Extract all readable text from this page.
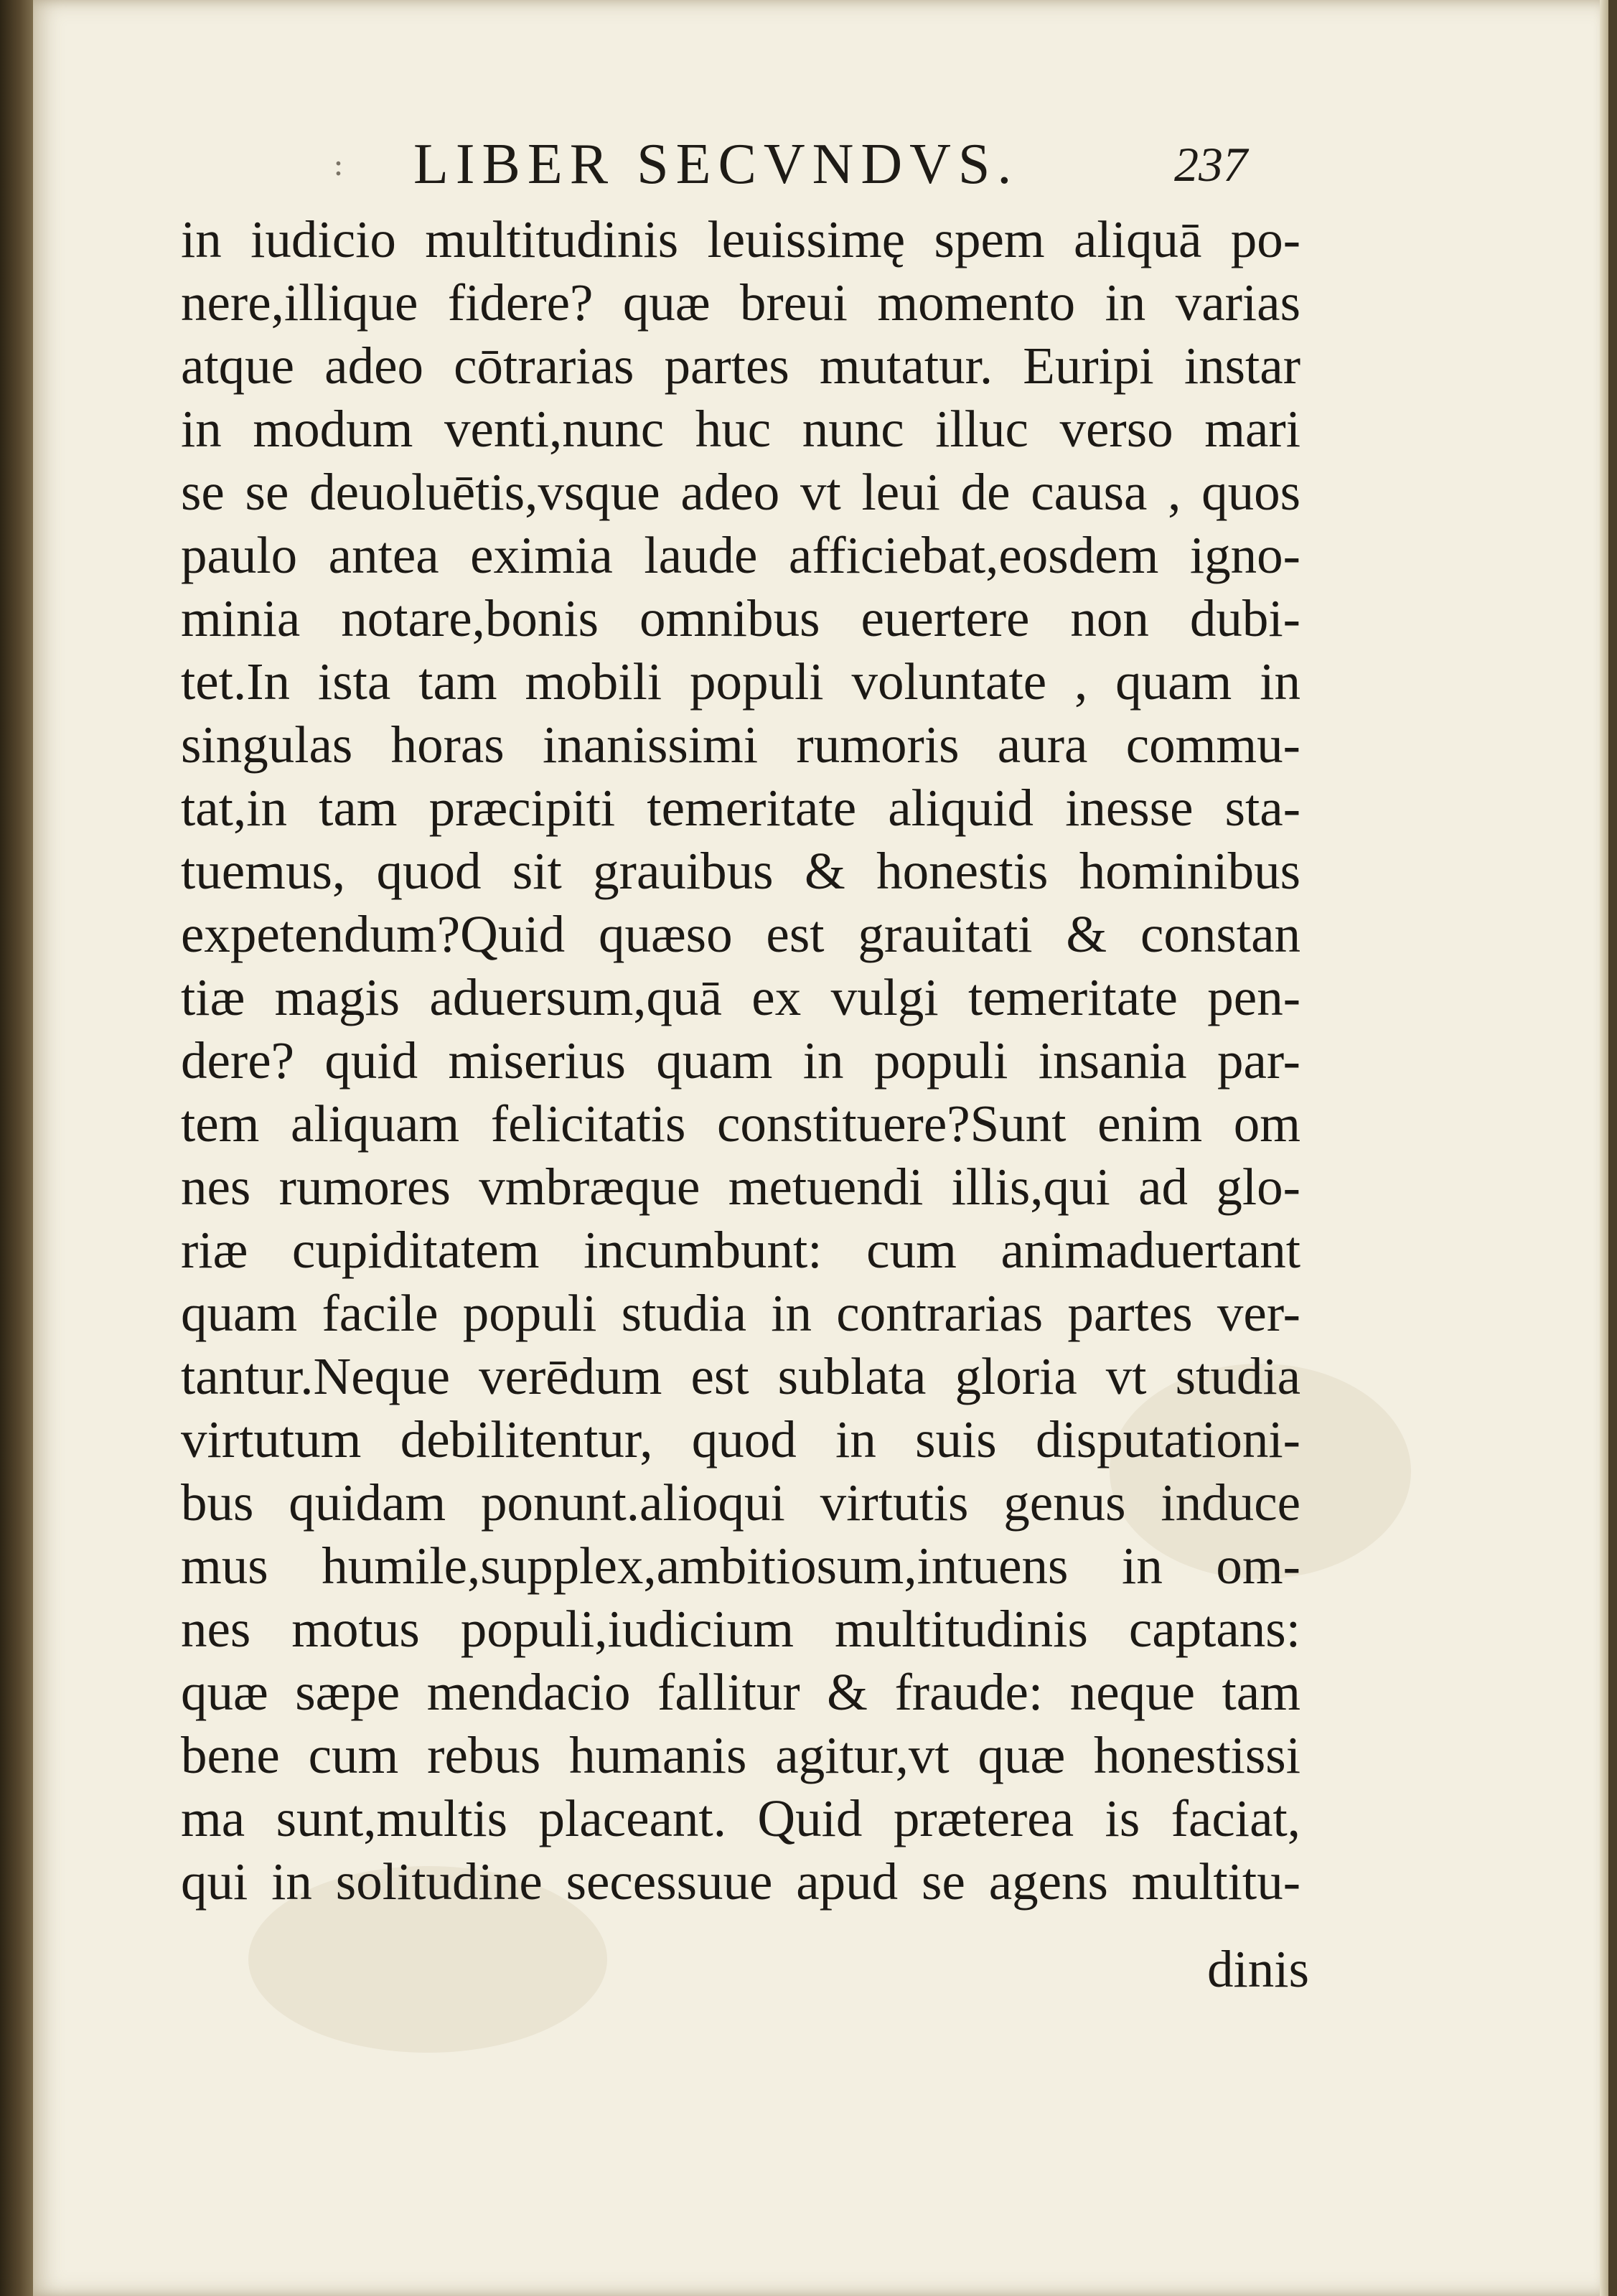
: LIBER SECVNDVS.	237
in iudicio multitudinis leuissimę spem aliquā po-
nere,illique fidere? quæ breui momento in varias
atque adeo cōtrarias partes mutatur. Euripi instar
in modum venti,nunc huc nunc illuc verso mari
se se deuoluētis,vsque adeo vt leui de causa , quos
paulo antea eximia laude afficiebat,eosdem igno-
minia notare,bonis omnibus euertere non dubi-
tet.In ista tam mobili populi voluntate , quam in
singulas horas inanissimi rumoris aura commu-
tat,in tam præcipiti temeritate aliquid inesse sta-
tuemus, quod sit grauibus & honestis hominibus
expetendum?Quid quæso est grauitati & constan
tiæ magis aduersum,quā ex vulgi temeritate pen-
dere? quid miserius quam in populi insania par-
tem aliquam felicitatis constituere?Sunt enim om
nes rumores vmbræque metuendi illis,qui ad glo-
riæ cupiditatem incumbunt: cum animaduertant
quam facile populi studia in contrarias partes ver-
tantur.Neque verēdum est sublata gloria vt studia
virtutum debilitentur, quod in suis disputationi-
bus quidam ponunt.alioqui virtutis genus induce
mus humile,supplex,ambitiosum,intuens in om-
nes motus populi,iudicium multitudinis captans:
quæ sæpe mendacio fallitur & fraude: neque tam
bene cum rebus humanis agitur,vt quæ honestissi
ma sunt,multis placeant. Quid præterea is faciat,
qui in solitudine secessuue apud se agens multitu-
dinis
